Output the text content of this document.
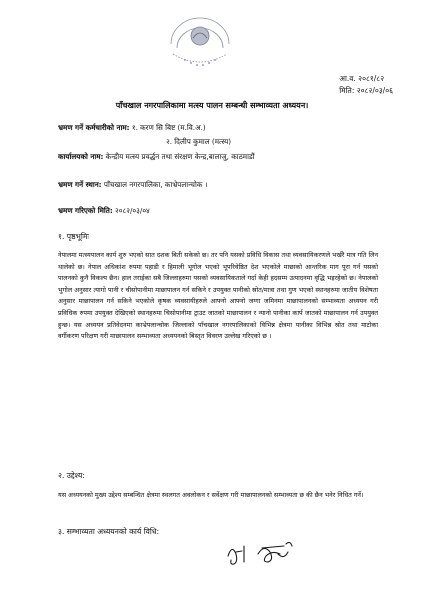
आ.व. २०८१/८२
मिति: २०८२/०३/०६
पाँचखाल नगरपालिकामा मत्स्य पालन सम्बन्धी सम्भाव्यता अध्ययन।
भ्रमण गर्ने कर्मचारीको नाम: १. करण सि बिष्ट (म.वि.अ.)
२. दिलीप कुमाल (मत्स्य)
कार्यालयको नाम: केन्द्रीय मत्स्य प्रवर्द्धन तथा संरक्षण केन्द्र,बालाजु, काठमाडौं
भ्रमण गर्ने स्थान: पाँचखाल नगरपालिका, काभ्रेपलान्चोक ।
भ्रमण गरिएको मिति: २०८२/०३/०४
१. पृष्ठभूमिः
नेपालमा मत्स्यपालन कार्य शुरु भएको सात दशक बिती सकेको छ। तर पनि यसको प्रविधि विकास तथा व्यवसायिकरणले भर्खरै मात्र गति लिन थालेको छ। नेपाल अधिकांश रुपमा पहाडी र हिमाली भूगोल भएको भूपरिवेष्ठित देश भएकोले माछाको आन्तरिक माग पूरा गर्न यसको पालनको कुनै विकल्प छैन। हाल तराईका सबै जिल्लाहरुमा यसको व्यवसायिकताले गर्दा केही हदसम्म उत्पादनमा वृद्धि भइरहेको छ। नेपालको भुगोल अनुसार त्यागो पानी र चीसोपानीमा माछापालन गर्न सकिने र उपयुक्त पानीको स्रोत/मात्रा तथा गुण भएको स्थानहरुमा जातीय विशेषता अनुसार माछापालन गर्न सकिने भएकोले कृषक व्यवसायीहरुले आफ्नो आफ्नो जग्गा जमिनमा माछापालनको सम्भाव्यता अध्ययन गरी प्रविधिक रुपमा उपयुक्त देखिएको स्थानहरुमा चिसोपानीमा ट्राउट जातको माछापालन र न्यानो पानीका कार्प जातको माछापालन गर्न उपयुक्त हुन्छ। यस अध्ययन प्रतिवेदनमा काभ्रेपलान्चोक जिल्लाको पाँचखाल नगरपालिकाको विभिन्न क्षेत्रमा पानीका विभिन्न स्रोत तथा माटोका वर्गीकरण परिक्षण गरी माछापालन सम्भाव्यता अध्ययनको बिस्तृत विवरण उल्लेख गरिएको छ ।
२. उद्देश्य:
यस अध्ययनको मुख्य उद्देश्य सम्बन्धित क्षेत्रमा स्थलगत अवलोकन र सर्वेक्षण गरी माछापालनको सम्भाव्यता छ की छैन भनेर निधित गर्ने।
३. सम्भाव्यता अध्ययनको कार्य विधि:
